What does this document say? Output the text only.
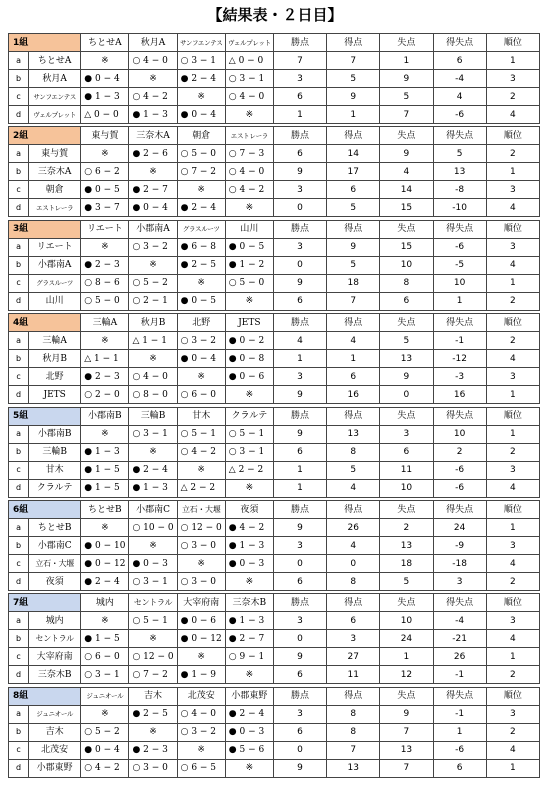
【結果表・２日目】
1組		ちとせA	秋月A	サンフエンテス	ヴェルプレット	勝点	得点	失点	得失点	順位
a	ちとせA	※	○ 4 − 0	○ 3 − 1	△ 0 − 0	7	7	1	6	1
b	秋月A	● 0 − 4	※	● 2 − 4	○ 3 − 1	3	5	9	-4	3
c	サンフエンテス	● 1 − 3	○ 4 − 2	※	○ 4 − 0	6	9	5	4	2
d	ヴェルプレット	△ 0 − 0	● 1 − 3	● 0 − 4	※	1	1	7	-6	4
2組		東与賀	三奈木A	朝倉	エストレーラ	勝点	得点	失点	得失点	順位
a	東与賀	※	● 2 − 6	○ 5 − 0	○ 7 − 3	6	14	9	5	2
b	三奈木A	○ 6 − 2	※	○ 7 − 2	○ 4 − 0	9	17	4	13	1
c	朝倉	● 0 − 5	● 2 − 7	※	○ 4 − 2	3	6	14	-8	3
d	エストレーラ	● 3 − 7	● 0 − 4	● 2 − 4	※	0	5	15	-10	4
3組		リエート	小郡南A	グラスルーツ	山川	勝点	得点	失点	得失点	順位
a	リエート	※	○ 3 − 2	● 6 − 8	● 0 − 5	3	9	15	-6	3
b	小郡南A	● 2 − 3	※	● 2 − 5	● 1 − 2	0	5	10	-5	4
c	グラスルーツ	○ 8 − 6	○ 5 − 2	※	○ 5 − 0	9	18	8	10	1
d	山川	○ 5 − 0	○ 2 − 1	● 0 − 5	※	6	7	6	1	2
4組		三輪A	秋月B	北野	JETS	勝点	得点	失点	得失点	順位
a	三輪A	※	△ 1 − 1	○ 3 − 2	● 0 − 2	4	4	5	-1	2
b	秋月B	△ 1 − 1	※	● 0 − 4	● 0 − 8	1	1	13	-12	4
c	北野	● 2 − 3	○ 4 − 0	※	● 0 − 6	3	6	9	-3	3
d	JETS	○ 2 − 0	○ 8 − 0	○ 6 − 0	※	9	16	0	16	1
5組		小郡南B	三輪B	甘木	クラルテ	勝点	得点	失点	得失点	順位
a	小郡南B	※	○ 3 − 1	○ 5 − 1	○ 5 − 1	9	13	3	10	1
b	三輪B	● 1 − 3	※	○ 4 − 2	○ 3 − 1	6	8	6	2	2
c	甘木	● 1 − 5	● 2 − 4	※	△ 2 − 2	1	5	11	-6	3
d	クラルテ	● 1 − 5	● 1 − 3	△ 2 − 2	※	1	4	10	-6	4
6組		ちとせB	小郡南C	立石・大堰	夜須	勝点	得点	失点	得失点	順位
a	ちとせB	※	○ 10 − 0	○ 12 − 0	● 4 − 2	9	26	2	24	1
b	小郡南C	● 0 − 10	※	○ 3 − 0	● 1 − 3	3	4	13	-9	3
c	立石・大堰	● 0 − 12	● 0 − 3	※	● 0 − 3	0	0	18	-18	4
d	夜須	● 2 − 4	○ 3 − 1	○ 3 − 0	※	6	8	5	3	2
7組		城内	セントラル	大宰府南	三奈木B	勝点	得点	失点	得失点	順位
a	城内	※	○ 5 − 1	● 0 − 6	● 1 − 3	3	6	10	-4	3
b	セントラル	● 1 − 5	※	● 0 − 12	● 2 − 7	0	3	24	-21	4
c	大宰府南	○ 6 − 0	○ 12 − 0	※	○ 9 − 1	9	27	1	26	1
d	三奈木B	○ 3 − 1	○ 7 − 2	● 1 − 9	※	6	11	12	-1	2
8組		ジュニオール	吉木	北茂安	小郡東野	勝点	得点	失点	得失点	順位
a	ジュニオール	※	● 2 − 5	○ 4 − 0	● 2 − 4	3	8	9	-1	3
b	吉木	○ 5 − 2	※	○ 3 − 2	● 0 − 3	6	8	7	1	2
c	北茂安	● 0 − 4	● 2 − 3	※	● 5 − 6	0	7	13	-6	4
d	小郡東野	○ 4 − 2	○ 3 − 0	○ 6 − 5	※	9	13	7	6	1
